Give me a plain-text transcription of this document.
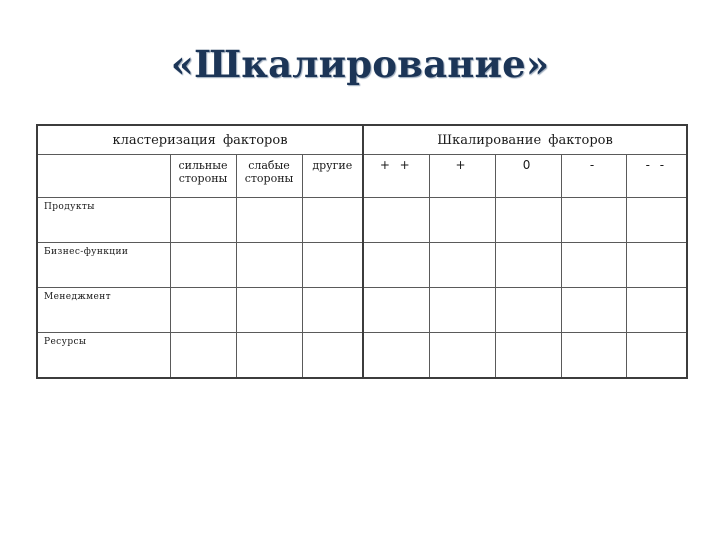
«Шкалирование»
кластеризация факторов				Шкалирование факторов				
	сильные стороны	слабые стороны	другие	+ +	+	0	-	- -
Продукты								
Бизнес-функции								
Менеджмент								
Ресурсы								
